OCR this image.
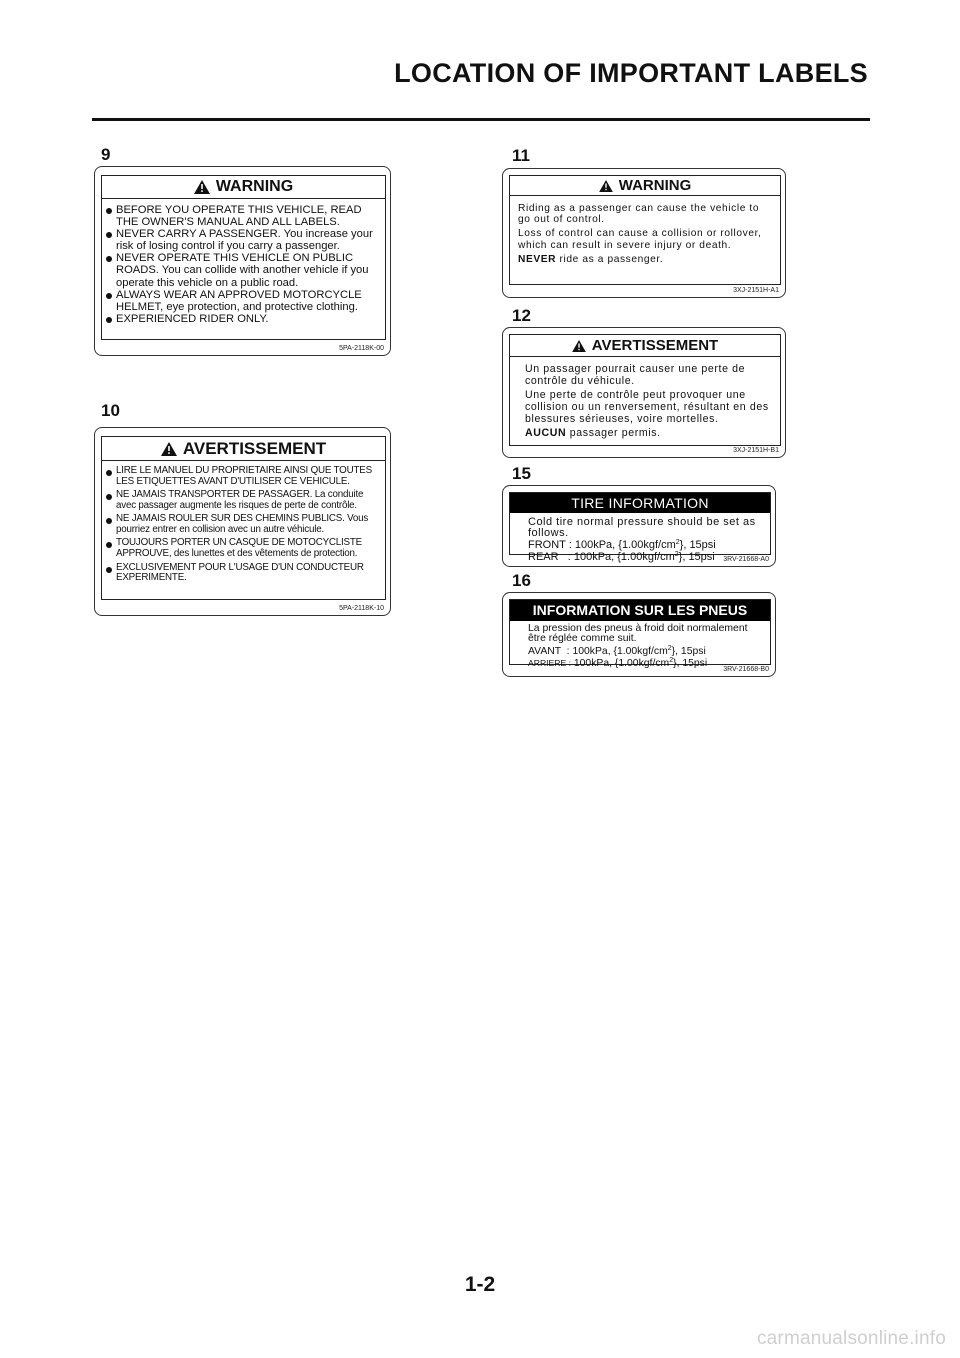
LOCATION OF IMPORTANT LABELS
9
WARNING
BEFORE YOU OPERATE THIS VEHICLE, READ THE OWNER'S MANUAL AND ALL LABELS.
NEVER CARRY A PASSENGER. You increase your risk of losing control if you carry a passenger.
NEVER OPERATE THIS VEHICLE ON PUBLIC ROADS. You can collide with another vehicle if you operate this vehicle on a public road.
ALWAYS WEAR AN APPROVED MOTORCYCLE HELMET, eye protection, and protective clothing.
EXPERIENCED RIDER ONLY.
5PA-2118K-00
10
AVERTISSEMENT
LIRE LE MANUEL DU PROPRIETAIRE AINSI QUE TOUTES LES ETIQUETTES AVANT D'UTILISER CE VEHICULE.
NE JAMAIS TRANSPORTER DE PASSAGER. La conduite avec passager augmente les risques de perte de contrôle.
NE JAMAIS ROULER SUR DES CHEMINS PUBLICS. Vous pourriez entrer en collision avec un autre véhicule.
TOUJOURS PORTER UN CASQUE DE MOTOCYCLISTE APPROUVE, des lunettes et des vêtements de protection.
EXCLUSIVEMENT POUR L'USAGE D'UN CONDUCTEUR EXPERIMENTE.
5PA-2118K-10
11
WARNING

Riding as a passenger can cause the vehicle to go out of control.

Loss of control can cause a collision or rollover, which can result in severe injury or death.

NEVER ride as a passenger.

3XJ-2151H-A1
12
AVERTISSEMENT

Un passager pourrait causer une perte de contrôle du véhicule.

Une perte de contrôle peut provoquer une collision ou un renversement, résultant en des blessures sérieuses, voire mortelles.

AUCUN passager permis.

3XJ-2151H-B1
15
TIRE INFORMATION
Cold tire normal pressure should be set as follows.
FRONT : 100kPa, $\{1.00kgf/cm^2\}$, 15psi
REAR   : 100kPa, $\{1.00kgf/cm^2\}$, 15psi	3RV-21668-A0
16
INFORMATION SUR LES PNEUS
La pression des pneus à froid doit normalement être réglée comme suit.
AVANT  : 100kPa, $\{1.00kgf/cm^2\}$, 15psi
ARRIERE : 100kPa, $\{1.00kgf/cm^2\}$, 15psi
3RV-21668-B0
1-2
carmanualsonline.info
